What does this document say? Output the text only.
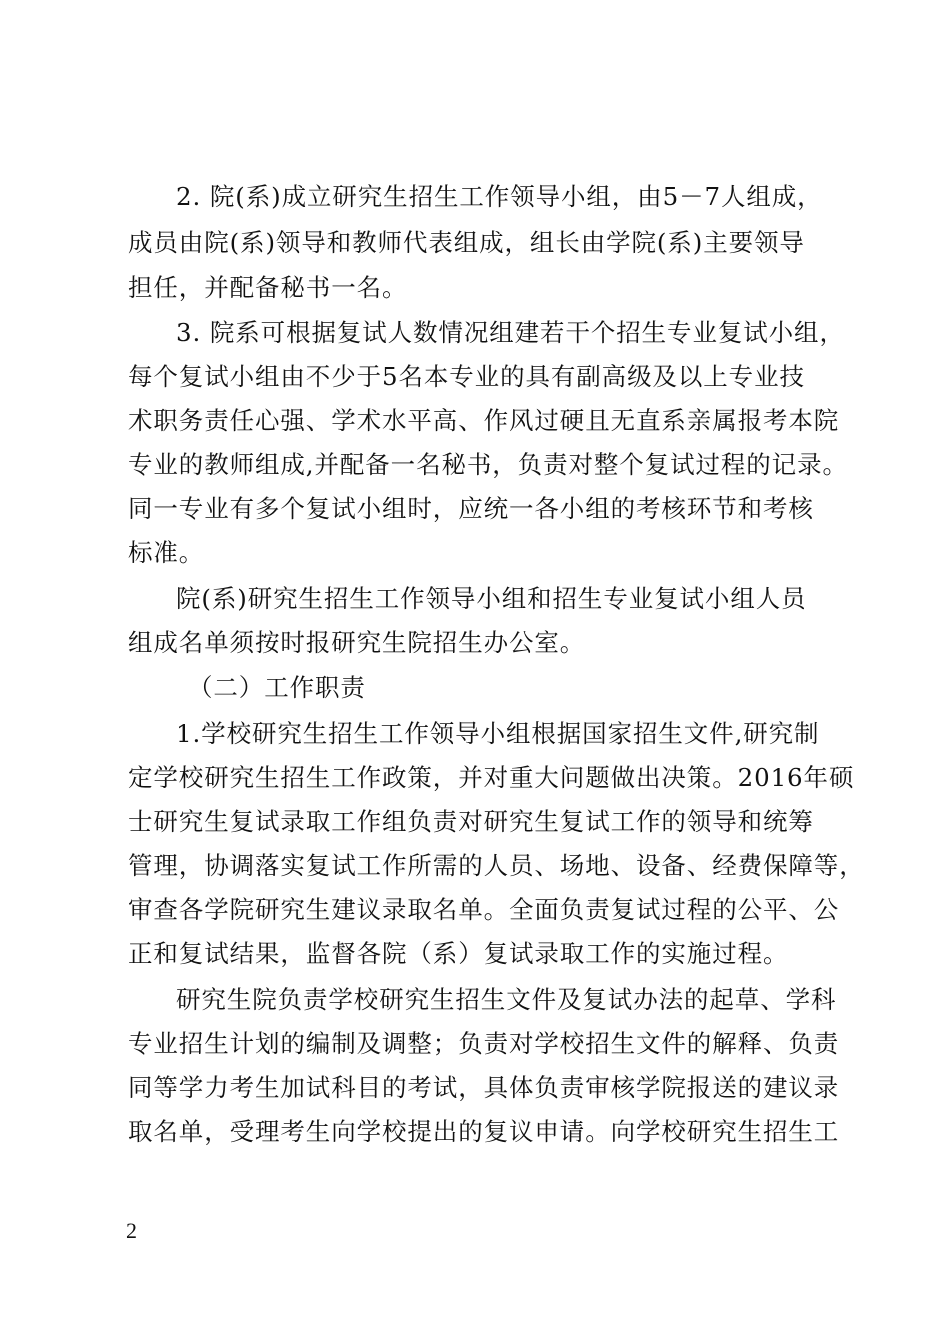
2. 院(系)成立研究生招生工作领导小组，由5－7人组成，
成员由院(系)领导和教师代表组成，组长由学院(系)主要领导
担任，并配备秘书一名。
3. 院系可根据复试人数情况组建若干个招生专业复试小组，
每个复试小组由不少于5名本专业的具有副高级及以上专业技
术职务责任心强、学术水平高、作风过硬且无直系亲属报考本院
专业的教师组成,并配备一名秘书，负责对整个复试过程的记录。
同一专业有多个复试小组时，应统一各小组的考核环节和考核
标准。
院(系)研究生招生工作领导小组和招生专业复试小组人员
组成名单须按时报研究生院招生办公室。
（二）工作职责
1.学校研究生招生工作领导小组根据国家招生文件,研究制
定学校研究生招生工作政策，并对重大问题做出决策。2016年硕
士研究生复试录取工作组负责对研究生复试工作的领导和统筹
管理，协调落实复试工作所需的人员、场地、设备、经费保障等，
审查各学院研究生建议录取名单。全面负责复试过程的公平、公
正和复试结果，监督各院（系）复试录取工作的实施过程。
研究生院负责学校研究生招生文件及复试办法的起草、学科
专业招生计划的编制及调整；负责对学校招生文件的解释、负责
同等学力考生加试科目的考试，具体负责审核学院报送的建议录
取名单，受理考生向学校提出的复议申请。向学校研究生招生工
2
